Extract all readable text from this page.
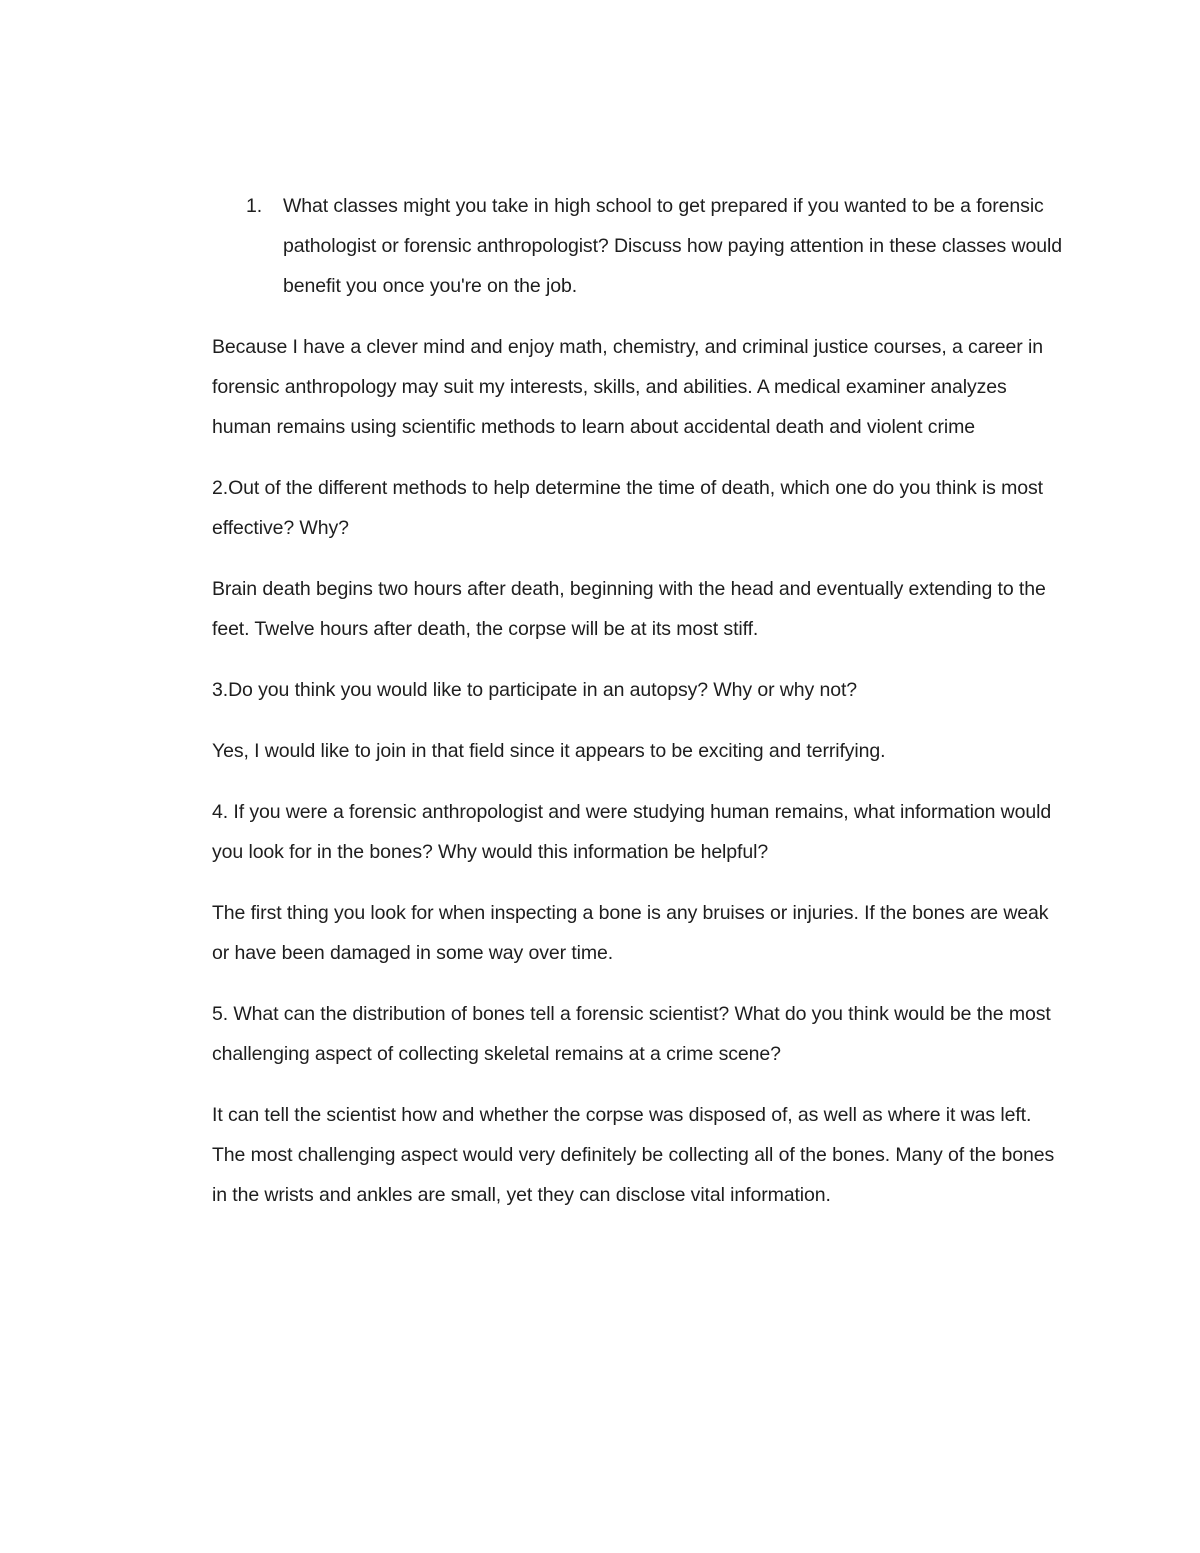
1. What classes might you take in high school to get prepared if you wanted to be a forensic pathologist or forensic anthropologist? Discuss how paying attention in these classes would benefit you once you're on the job.

Because I have a clever mind and enjoy math, chemistry, and criminal justice courses, a career in forensic anthropology may suit my interests, skills, and abilities. A medical examiner analyzes human remains using scientific methods to learn about accidental death and violent crime

2.Out of the different methods to help determine the time of death, which one do you think is most effective? Why?

Brain death begins two hours after death, beginning with the head and eventually extending to the feet. Twelve hours after death, the corpse will be at its most stiff.

3.Do you think you would like to participate in an autopsy? Why or why not?

Yes, I would like to join in that field since it appears to be exciting and terrifying.

4. If you were a forensic anthropologist and were studying human remains, what information would you look for in the bones? Why would this information be helpful?

The first thing you look for when inspecting a bone is any bruises or injuries. If the bones are weak or have been damaged in some way over time.

5. What can the distribution of bones tell a forensic scientist? What do you think would be the most challenging aspect of collecting skeletal remains at a crime scene?

It can tell the scientist how and whether the corpse was disposed of, as well as where it was left. The most challenging aspect would very definitely be collecting all of the bones. Many of the bones in the wrists and ankles are small, yet they can disclose vital information.
